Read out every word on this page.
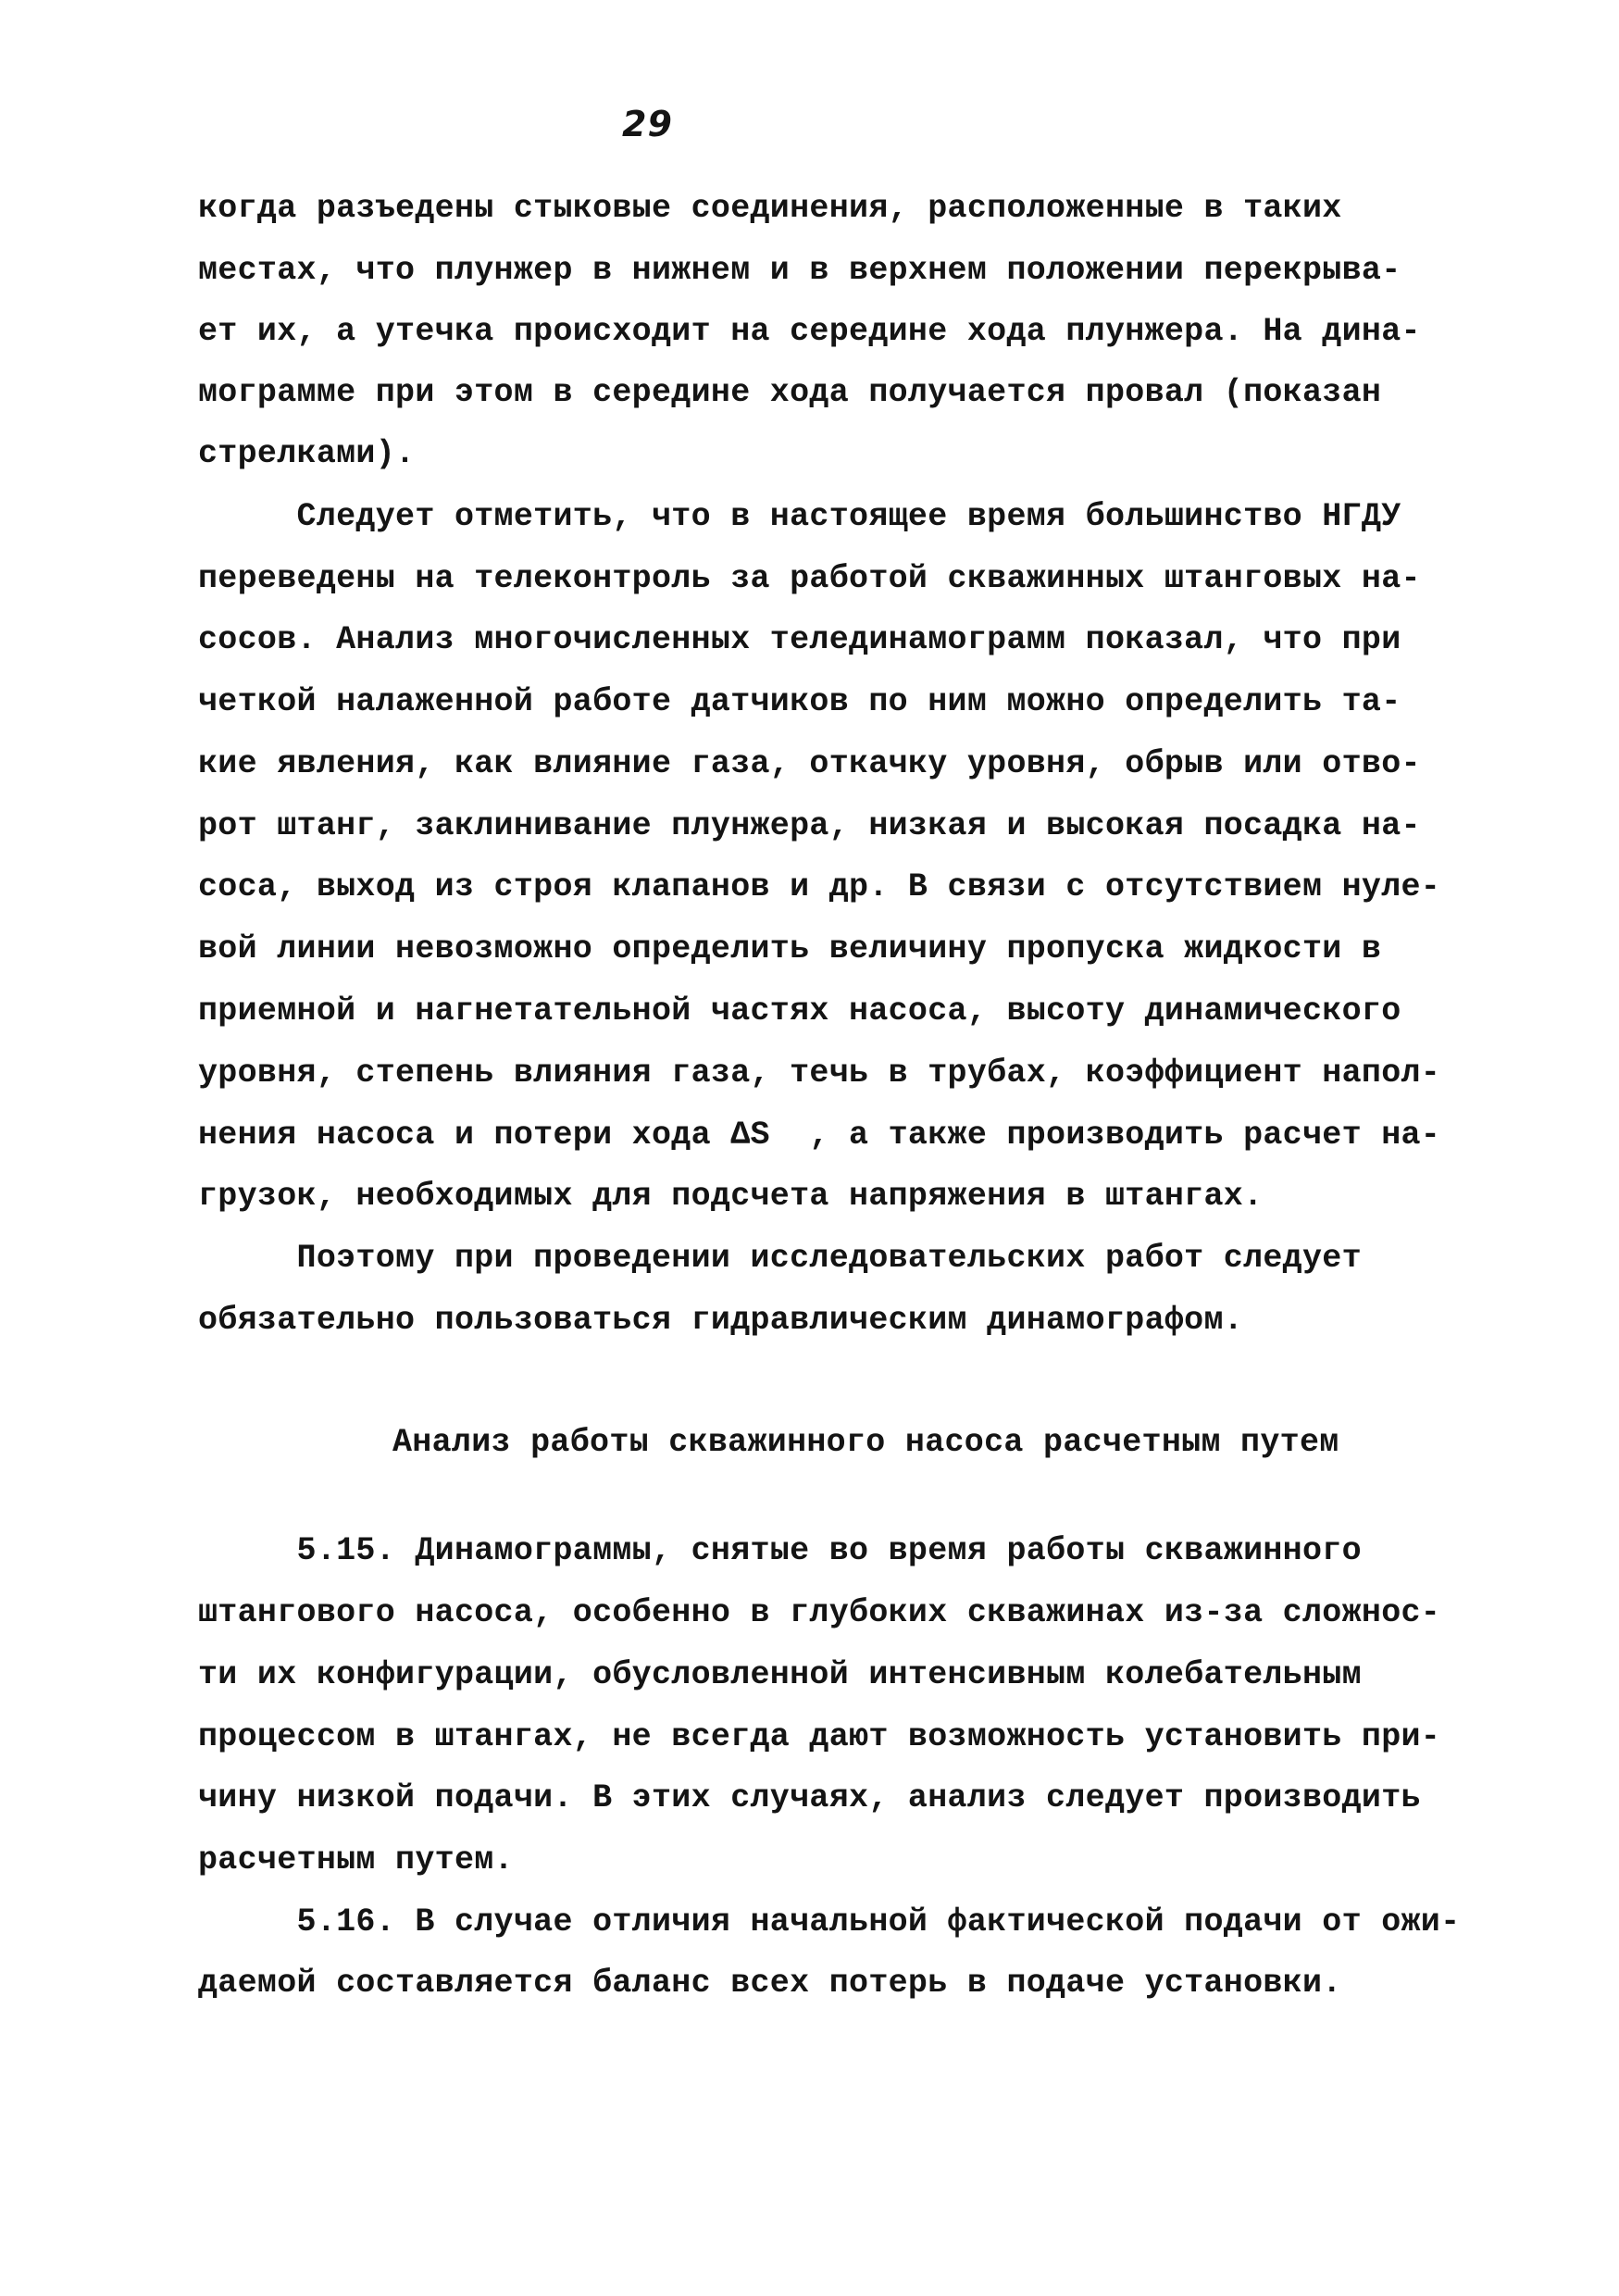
29
когда разъедены стыковые соединения, расположенные в таких
местах, что плунжер в нижнем и в верхнем положении перекрыва-
ет их, а утечка происходит на середине хода плунжера. На дина-
мограмме при этом в середине хода получается провал (показан
стрелками).
Следует отметить, что в настоящее время большинство НГДУ
переведены на телеконтроль за работой скважинных штанговых на-
сосов. Анализ многочисленных телединамограмм показал, что при
четкой налаженной работе датчиков по ним можно определить та-
кие явления, как влияние газа, откачку уровня, обрыв или отво-
рот штанг, заклинивание плунжера, низкая и высокая посадка на-
соса, выход из строя клапанов и др. В связи с отсутствием нуле-
вой линии невозможно определить величину пропуска жидкости в
приемной и нагнетательной частях насоса, высоту динамического
уровня, степень влияния газа, течь в трубах, коэффициент напол-
нения насоса и потери хода ΔS  , а также производить расчет на-
грузок, необходимых для подсчета напряжения в штангах.
Поэтому при проведении исследовательских работ следует
обязательно пользоваться гидравлическим динамографом.
Анализ работы скважинного насоса расчетным путем
5.15. Динамограммы, снятые во время работы скважинного
штангового насоса, особенно в глубоких скважинах из-за сложнос-
ти их конфигурации, обусловленной интенсивным колебательным
процессом в штангах, не всегда дают возможность установить при-
чину низкой подачи. В этих случаях, анализ следует производить
расчетным путем.
5.16. В случае отличия начальной фактической подачи от ожи-
даемой составляется баланс всех потерь в подаче установки.
